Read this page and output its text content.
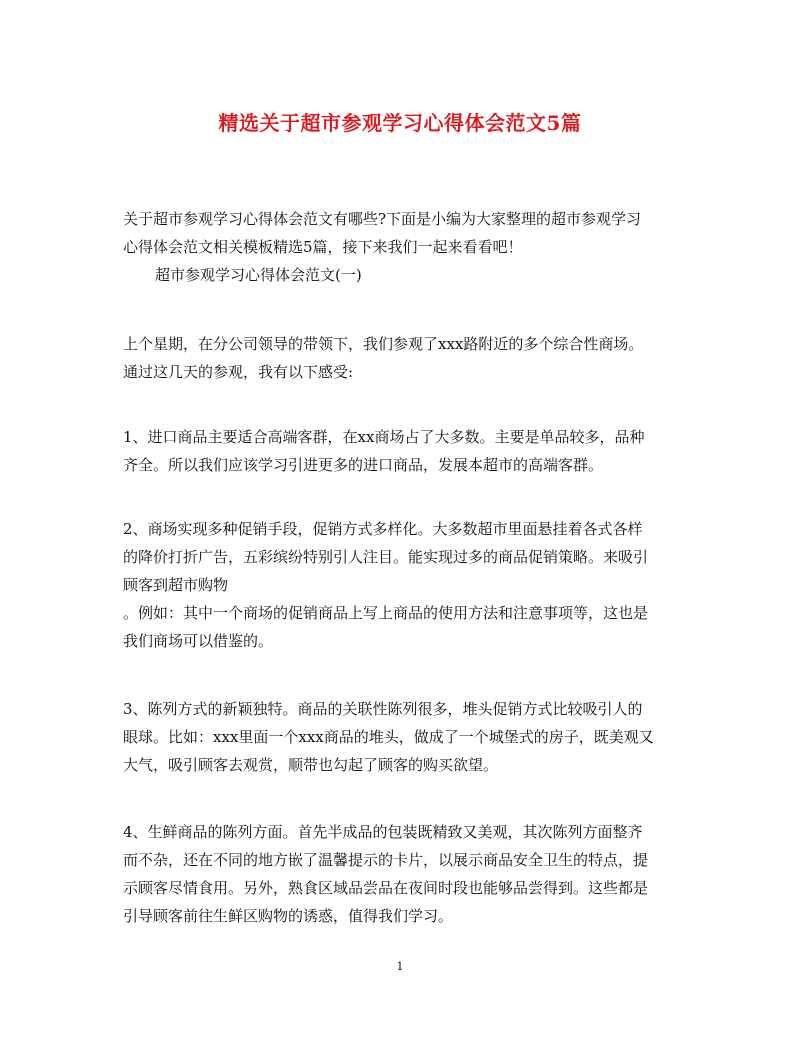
精选关于超市参观学习心得体会范文5篇
关于超市参观学习心得体会范文有哪些?下面是小编为大家整理的超市参观学习
心得体会范文相关模板精选5篇，接下来我们一起来看看吧！
超市参观学习心得体会范文(一)
上个星期，在分公司领导的带领下，我们参观了xxx路附近的多个综合性商场。
通过这几天的参观，我有以下感受:
1、进口商品主要适合高端客群，在xx商场占了大多数。主要是单品较多，品种
齐全。所以我们应该学习引进更多的进口商品，发展本超市的高端客群。
2、商场实现多种促销手段，促销方式多样化。大多数超市里面悬挂着各式各样
的降价打折广告，五彩缤纷特别引人注目。能实现过多的商品促销策略。来吸引
顾客到超市购物
。例如：其中一个商场的促销商品上写上商品的使用方法和注意事项等，这也是
我们商场可以借鉴的。
3、陈列方式的新颖独特。商品的关联性陈列很多，堆头促销方式比较吸引人的
眼球。比如：xxx里面一个xxx商品的堆头，做成了一个城堡式的房子，既美观又
大气，吸引顾客去观赏，顺带也勾起了顾客的购买欲望。
4、生鲜商品的陈列方面。首先半成品的包装既精致又美观，其次陈列方面整齐
而不杂，还在不同的地方嵌了温馨提示的卡片，以展示商品安全卫生的特点，提
示顾客尽情食用。另外，熟食区域品尝品在夜间时段也能够品尝得到。这些都是
引导顾客前往生鲜区购物的诱惑，值得我们学习。
1
